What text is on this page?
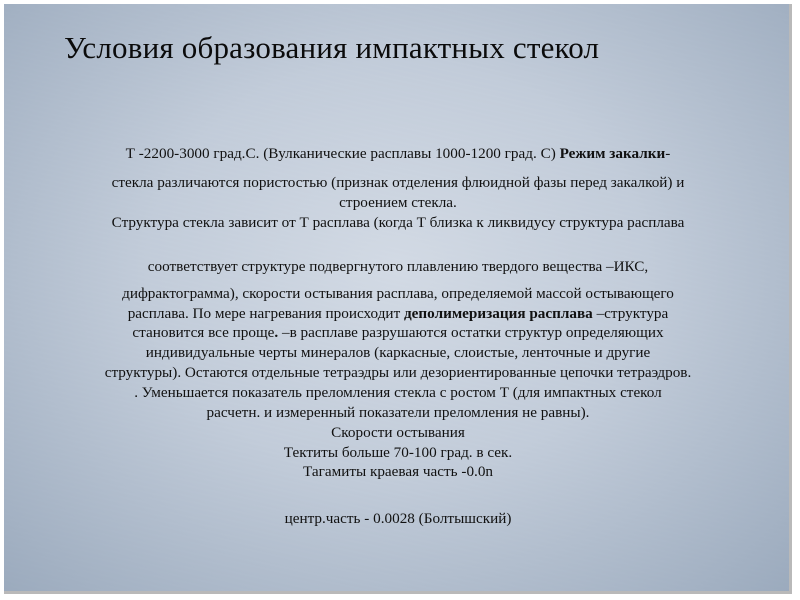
Условия образования импактных стекол
Т -2200-3000 град.С. (Вулканические расплавы 1000-1200 град. С) Режим закалки-
стекла различаются пористостью (признак отделения флюидной фазы перед закалкой) и
строением стекла.
Структура стекла зависит от Т расплава (когда Т близка к ликвидусу структура расплава
соответствует структуре подвергнутого плавлению твердого вещества –ИКС,
дифрактограмма), скорости остывания расплава, определяемой массой остывающего
расплава. По мере нагревания происходит деполимеризация расплава –структура
становится все проще. –в расплаве разрушаются остатки структур определяющих
индивидуальные черты минералов (каркасные, слоистые, ленточные и другие
структуры). Остаются отдельные тетраэдры или дезориентированные цепочки тетраэдров.
. Уменьшается показатель преломления стекла с ростом Т (для импактных стекол
расчетн. и измеренный показатели преломления не равны).
Скорости остывания
Тектиты больше 70-100 град. в сек.
Тагамиты краевая часть -0.0n
центр.часть - 0.0028 (Болтышский)
